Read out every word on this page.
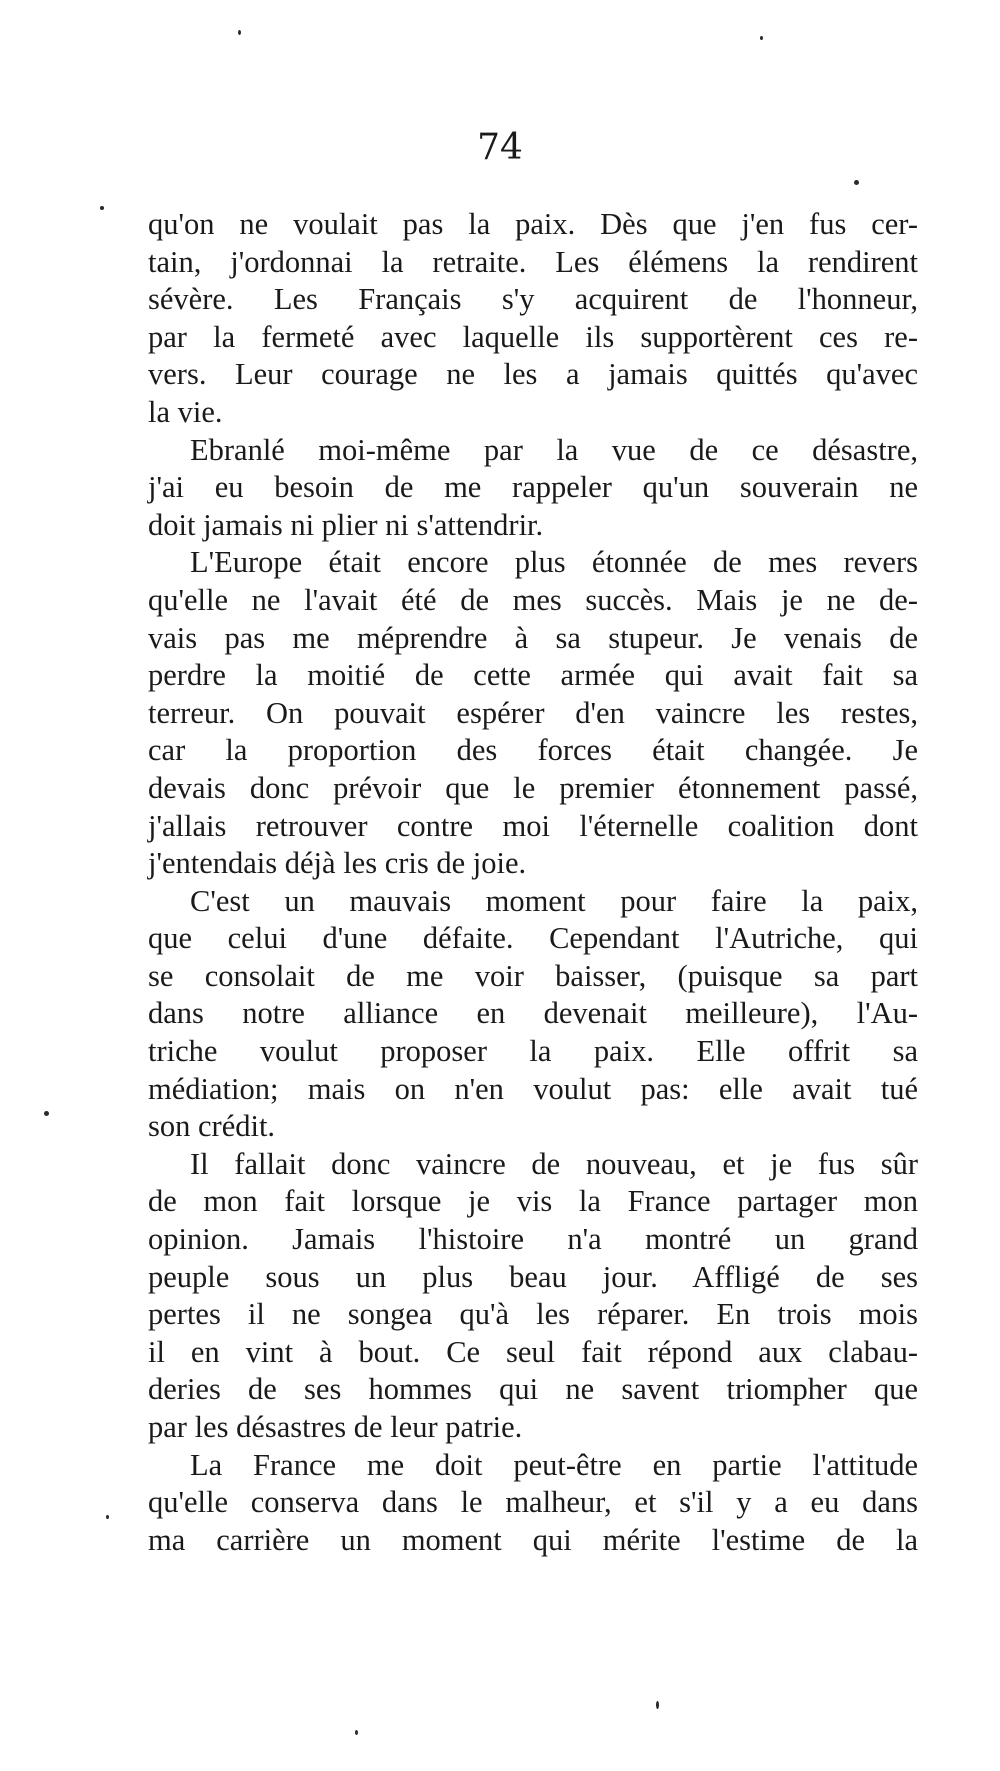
74

qu'on ne voulait pas la paix. Dès que j'en fus cer-
tain, j'ordonnai la retraite. Les élémens la rendirent
sévère. Les Français s'y acquirent de l'honneur,
par la fermeté avec laquelle ils supportèrent ces re-
vers. Leur courage ne les a jamais quittés qu'avec
la vie.

Ebranlé moi-même par la vue de ce désastre,
j'ai eu besoin de me rappeler qu'un souverain ne
doit jamais ni plier ni s'attendrir.

L'Europe était encore plus étonnée de mes revers
qu'elle ne l'avait été de mes succès. Mais je ne de-
vais pas me méprendre à sa stupeur. Je venais de
perdre la moitié de cette armée qui avait fait sa
terreur. On pouvait espérer d'en vaincre les restes,
car la proportion des forces était changée. Je
devais donc prévoir que le premier étonnement passé,
j'allais retrouver contre moi l'éternelle coalition dont
j'entendais déjà les cris de joie.

C'est un mauvais moment pour faire la paix,
que celui d'une défaite. Cependant l'Autriche, qui
se consolait de me voir baisser, (puisque sa part
dans notre alliance en devenait meilleure), l'Au-
triche voulut proposer la paix. Elle offrit sa
médiation; mais on n'en voulut pas: elle avait tué
son crédit.

Il fallait donc vaincre de nouveau, et je fus sûr
de mon fait lorsque je vis la France partager mon
opinion. Jamais l'histoire n'a montré un grand
peuple sous un plus beau jour. Affligé de ses
pertes il ne songea qu'à les réparer. En trois mois
il en vint à bout. Ce seul fait répond aux clabau-
deries de ses hommes qui ne savent triompher que
par les désastres de leur patrie.

La France me doit peut-être en partie l'attitude
qu'elle conserva dans le malheur, et s'il y a eu dans
ma carrière un moment qui mérite l'estime de la
